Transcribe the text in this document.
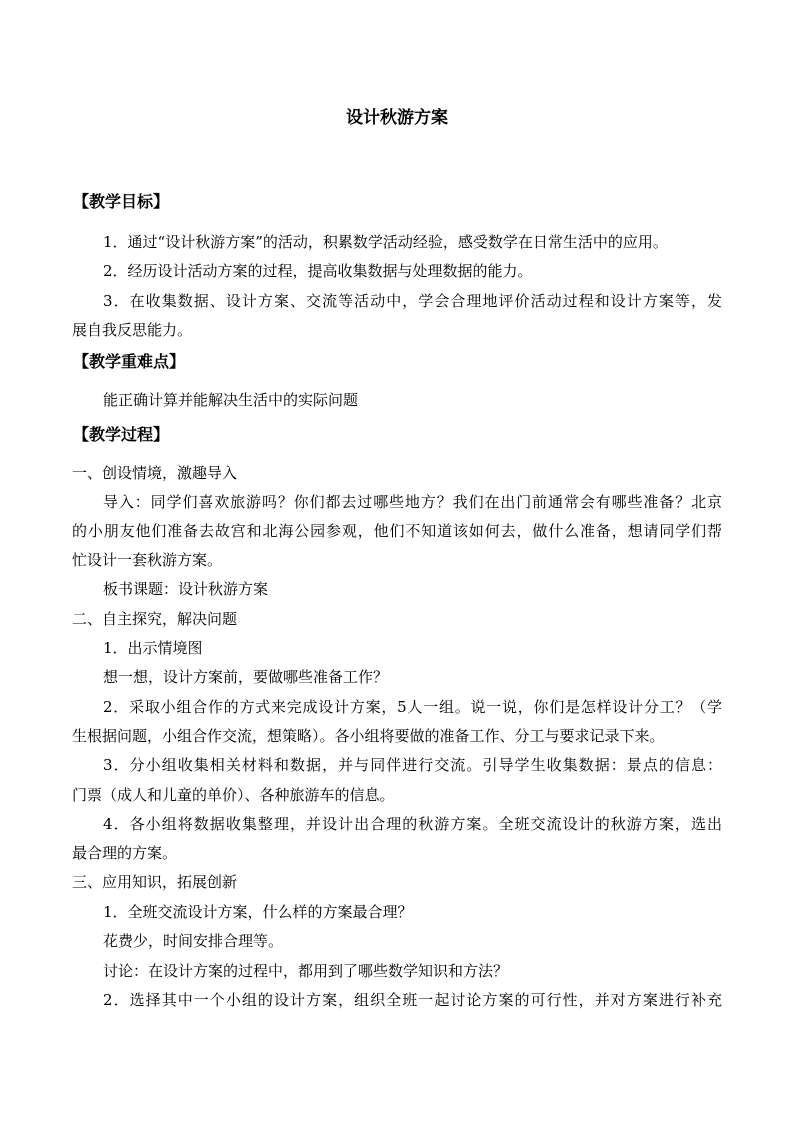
设计秋游方案
【教学目标】
1．通过“设计秋游方案”的活动，积累数学活动经验，感受数学在日常生活中的应用。
2．经历设计活动方案的过程，提高收集数据与处理数据的能力。
3．在收集数据、设计方案、交流等活动中，学会合理地评价活动过程和设计方案等，发
展自我反思能力。
【教学重难点】
能正确计算并能解决生活中的实际问题
【教学过程】
一、创设情境，激趣导入
导入：同学们喜欢旅游吗？你们都去过哪些地方？我们在出门前通常会有哪些准备？北京
的小朋友他们准备去故宫和北海公园参观，他们不知道该如何去，做什么准备，想请同学们帮
忙设计一套秋游方案。
板书课题：设计秋游方案
二、自主探究，解决问题
1．出示情境图
想一想，设计方案前，要做哪些准备工作？
2．采取小组合作的方式来完成设计方案，5人一组。说一说，你们是怎样设计分工？（学
生根据问题，小组合作交流，想策略）。各小组将要做的准备工作、分工与要求记录下来。
3．分小组收集相关材料和数据，并与同伴进行交流。引导学生收集数据：景点的信息：
门票（成人和儿童的单价）、各种旅游车的信息。
4．各小组将数据收集整理，并设计出合理的秋游方案。全班交流设计的秋游方案，选出
最合理的方案。
三、应用知识，拓展创新
1．全班交流设计方案，什么样的方案最合理？
花费少，时间安排合理等。
讨论：在设计方案的过程中，都用到了哪些数学知识和方法？
2．选择其中一个小组的设计方案，组织全班一起讨论方案的可行性，并对方案进行补充
